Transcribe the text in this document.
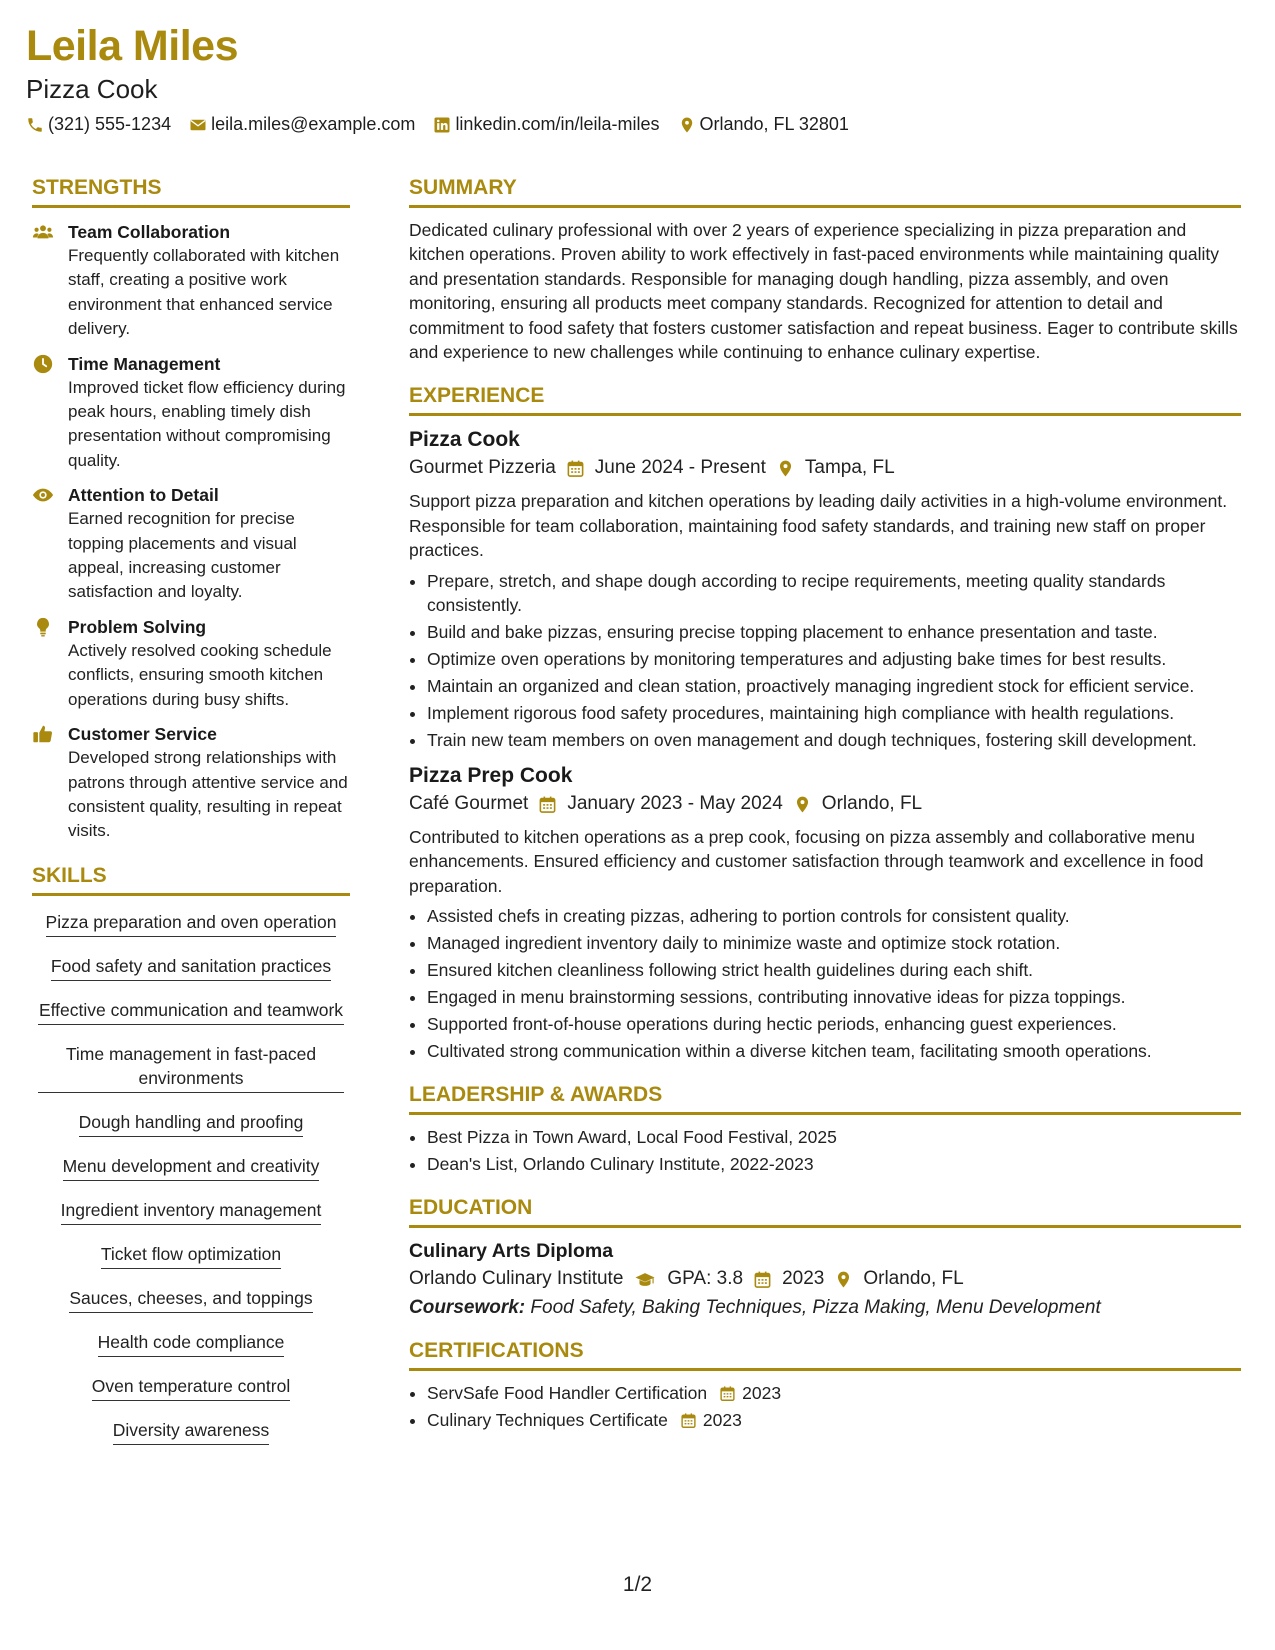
Leila Miles
Pizza Cook
(321) 555-1234 leila.miles@example.com linkedin.com/in/leila-miles Orlando, FL 32801
STRENGTHS
Team Collaboration
Frequently collaborated with kitchen staff, creating a positive work environment that enhanced service delivery.
Time Management
Improved ticket flow efficiency during peak hours, enabling timely dish presentation without compromising quality.
Attention to Detail
Earned recognition for precise topping placements and visual appeal, increasing customer satisfaction and loyalty.
Problem Solving
Actively resolved cooking schedule conflicts, ensuring smooth kitchen operations during busy shifts.
Customer Service
Developed strong relationships with patrons through attentive service and consistent quality, resulting in repeat visits.
SKILLS
Pizza preparation and oven operation
Food safety and sanitation practices
Effective communication and teamwork
Time management in fast-paced environments
Dough handling and proofing
Menu development and creativity
Ingredient inventory management
Ticket flow optimization
Sauces, cheeses, and toppings
Health code compliance
Oven temperature control
Diversity awareness
SUMMARY

Dedicated culinary professional with over 2 years of experience specializing in pizza preparation and kitchen operations. Proven ability to work effectively in fast-paced environments while maintaining quality and presentation standards. Responsible for managing dough handling, pizza assembly, and oven monitoring, ensuring all products meet company standards. Recognized for attention to detail and commitment to food safety that fosters customer satisfaction and repeat business. Eager to contribute skills and experience to new challenges while continuing to enhance culinary expertise.

EXPERIENCE
Pizza Cook
Gourmet Pizzeria June 2024 - Present Tampa, FL

Support pizza preparation and kitchen operations by leading daily activities in a high-volume environment. Responsible for team collaboration, maintaining food safety standards, and training new staff on proper practices.

• Prepare, stretch, and shape dough according to recipe requirements, meeting quality standards consistently.
• Build and bake pizzas, ensuring precise topping placement to enhance presentation and taste.
• Optimize oven operations by monitoring temperatures and adjusting bake times for best results.
• Maintain an organized and clean station, proactively managing ingredient stock for efficient service.
• Implement rigorous food safety procedures, maintaining high compliance with health regulations.
• Train new team members on oven management and dough techniques, fostering skill development.
Pizza Prep Cook
Café Gourmet January 2023 - May 2024 Orlando, FL

Contributed to kitchen operations as a prep cook, focusing on pizza assembly and collaborative menu enhancements. Ensured efficiency and customer satisfaction through teamwork and excellence in food preparation.

• Assisted chefs in creating pizzas, adhering to portion controls for consistent quality.
• Managed ingredient inventory daily to minimize waste and optimize stock rotation.
• Ensured kitchen cleanliness following strict health guidelines during each shift.
• Engaged in menu brainstorming sessions, contributing innovative ideas for pizza toppings.
• Supported front-of-house operations during hectic periods, enhancing guest experiences.
• Cultivated strong communication within a diverse kitchen team, facilitating smooth operations.
LEADERSHIP & AWARDS
• Best Pizza in Town Award, Local Food Festival, 2025
• Dean's List, Orlando Culinary Institute, 2022-2023
EDUCATION
Culinary Arts Diploma
Orlando Culinary Institute GPA: 3.8 2023 Orlando, FL
Coursework: Food Safety, Baking Techniques, Pizza Making, Menu Development
CERTIFICATIONS
• ServSafe Food Handler Certification 2023
• Culinary Techniques Certificate 2023
1/2
